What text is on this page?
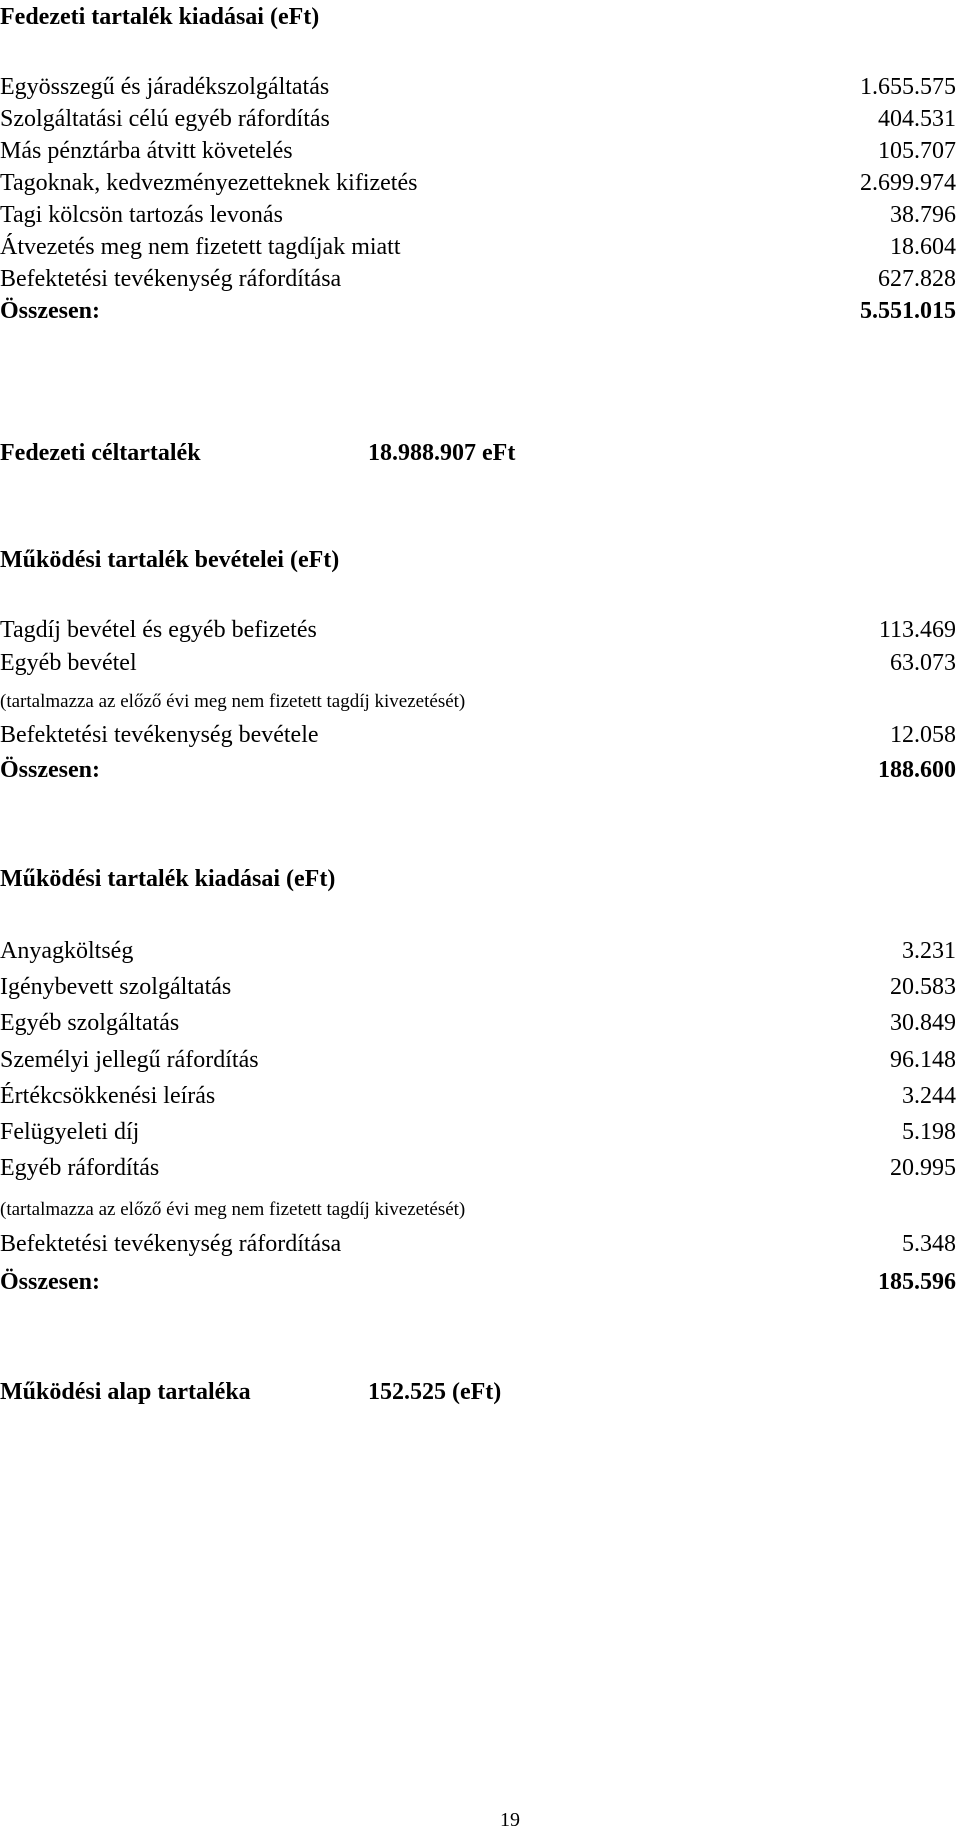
Fedezeti tartalék kiadásai (eFt)
Egyösszegű és járadékszolgáltatás	1.655.575
Szolgáltatási célú egyéb ráfordítás	404.531
Más pénztárba átvitt követelés	105.707
Tagoknak, kedvezményezetteknek kifizetés	2.699.974
Tagi kölcsön tartozás levonás	38.796
Átvezetés meg nem fizetett tagdíjak miatt	18.604
Befektetési tevékenység ráfordítása	627.828
Összesen:	5.551.015
Fedezeti céltartalék	18.988.907 eFt
Működési tartalék bevételei (eFt)
Tagdíj bevétel és egyéb befizetés	113.469
Egyéb bevétel	63.073
(tartalmazza az előző évi meg nem fizetett tagdíj kivezetését)
Befektetési tevékenység bevétele	12.058
Összesen:	188.600
Működési tartalék kiadásai (eFt)
Anyagköltség	3.231
Igénybevett szolgáltatás	20.583
Egyéb szolgáltatás	30.849
Személyi jellegű ráfordítás	96.148
Értékcsökkenési leírás	3.244
Felügyeleti díj	5.198
Egyéb ráfordítás	20.995
(tartalmazza az előző évi meg nem fizetett tagdíj kivezetését)
Befektetési tevékenység ráfordítása	5.348
Összesen:	185.596
Működési alap tartaléka	152.525 (eFt)
19
